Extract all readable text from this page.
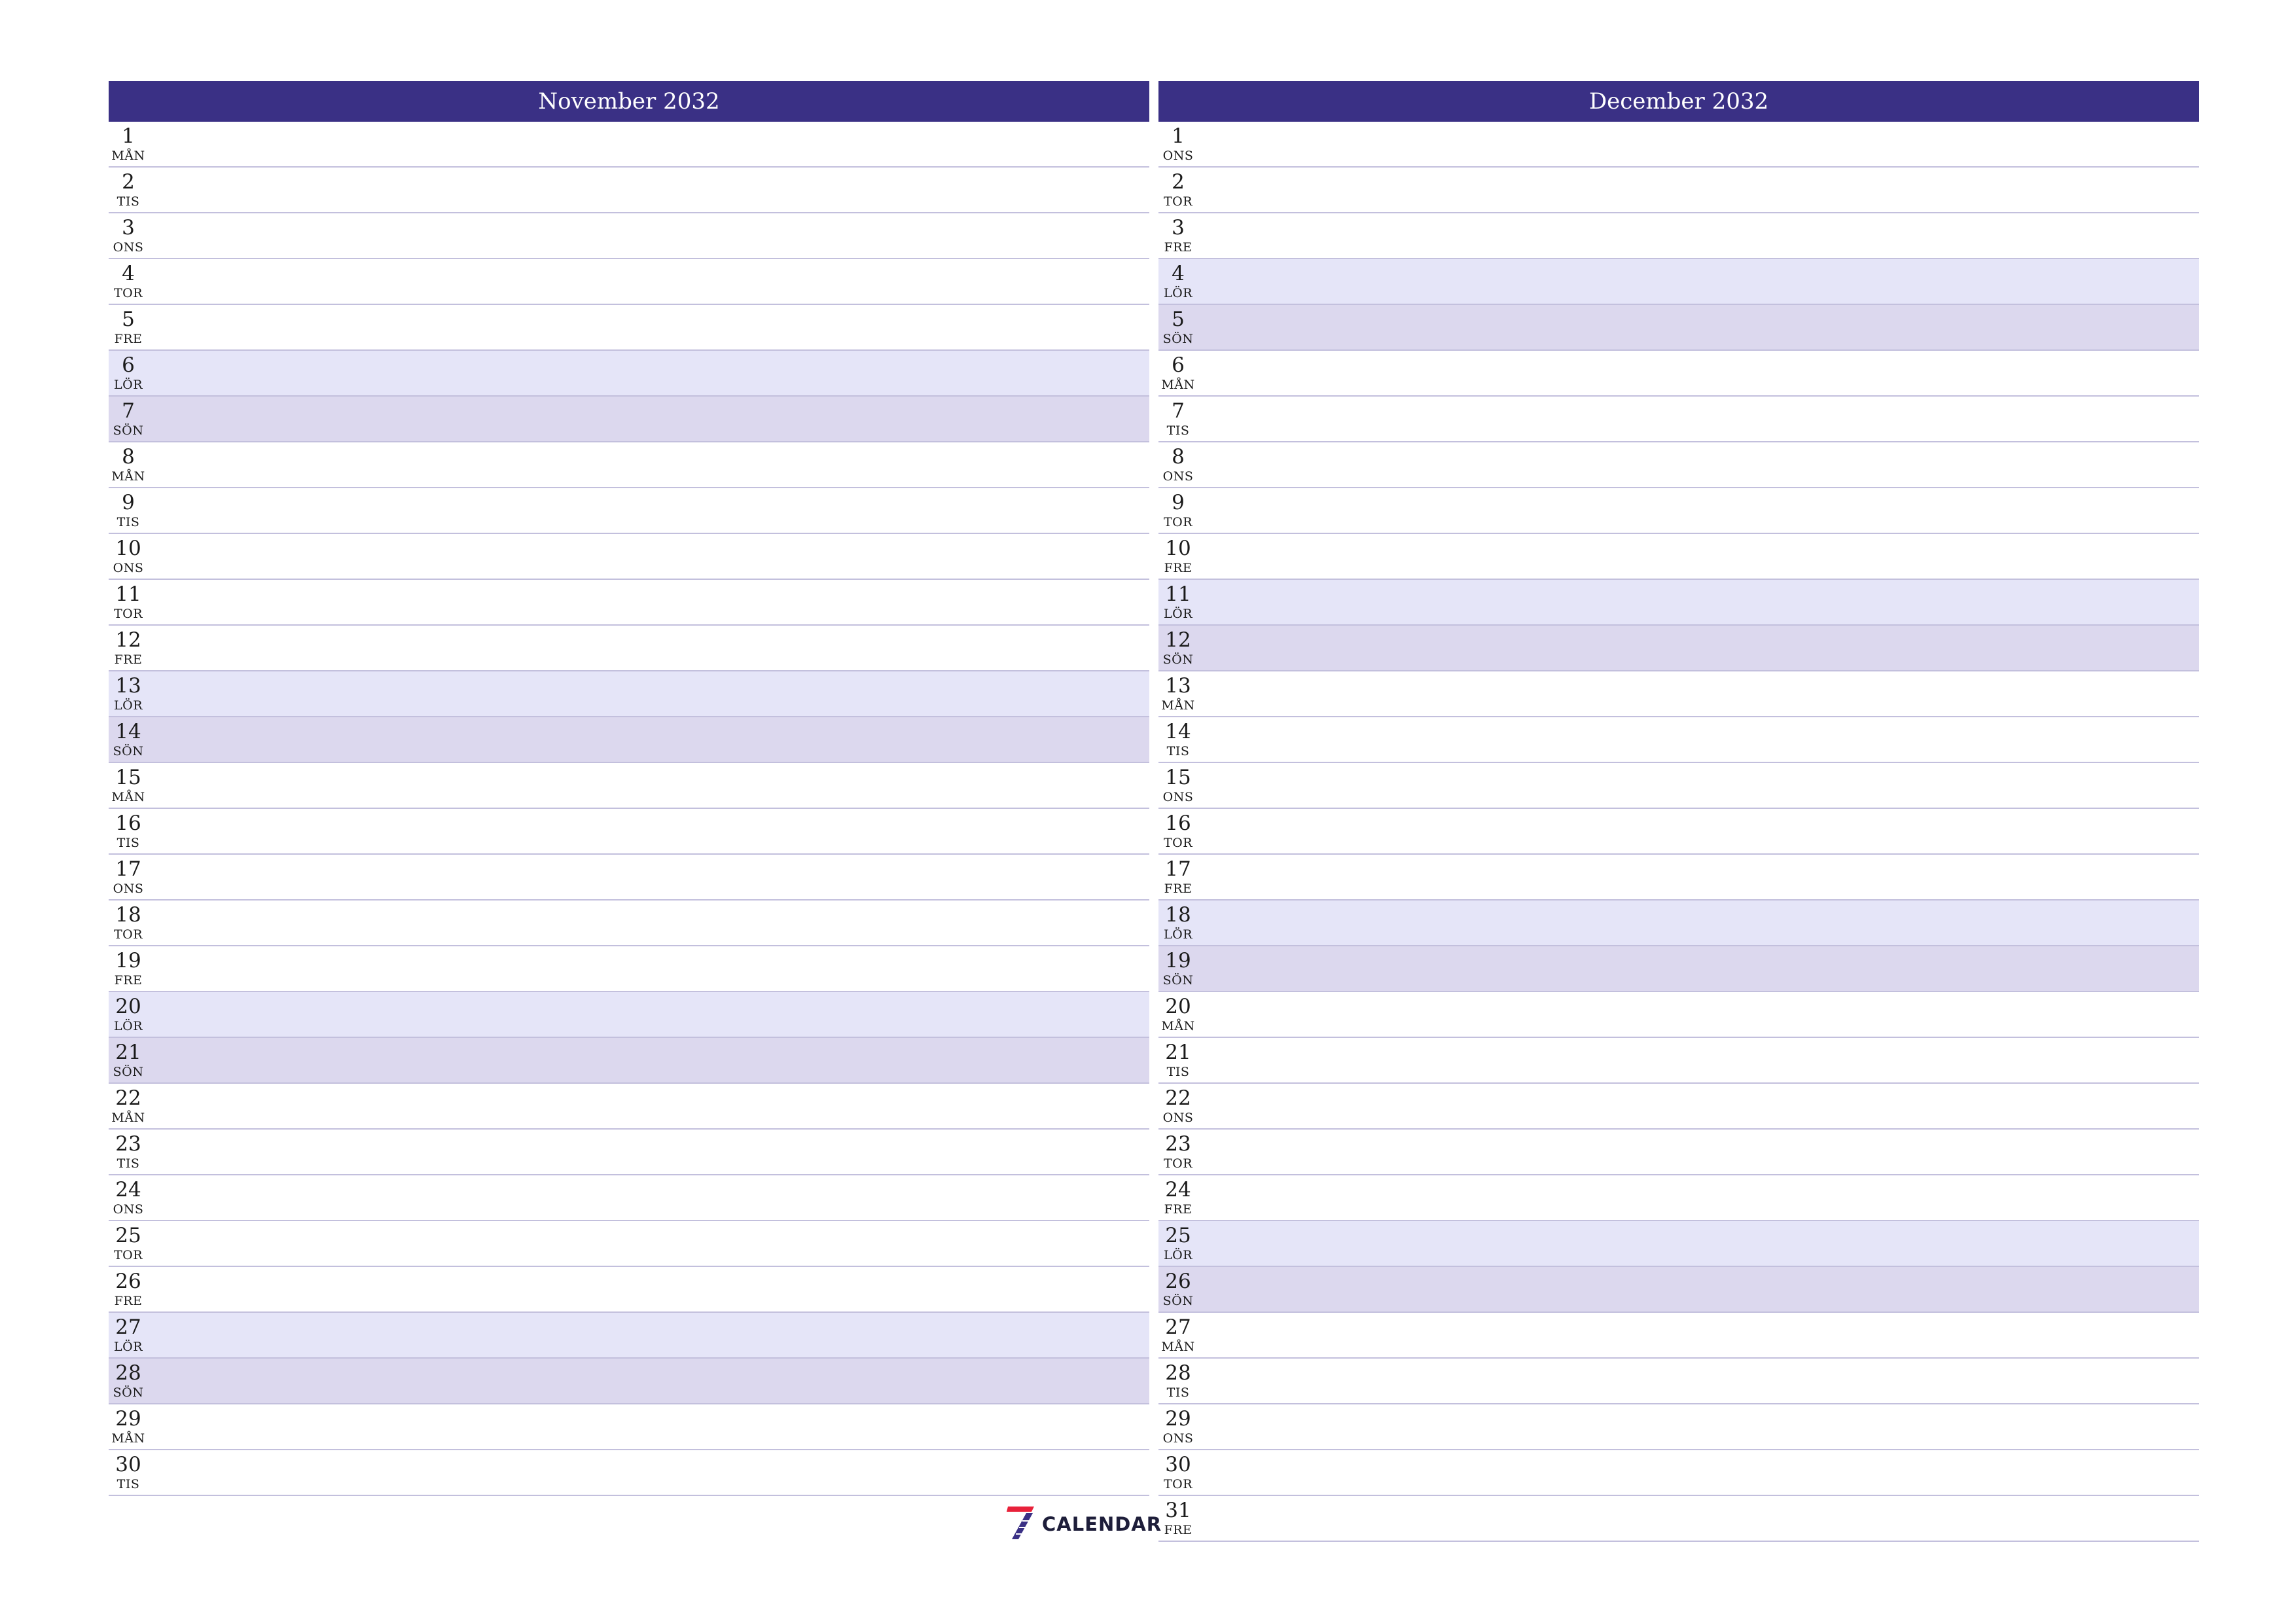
November 2032
1
MÅN
2
TIS
3
ONS
4
TOR
5
FRE
6
LÖR
7
SÖN
8
MÅN
9
TIS
10
ONS
11
TOR
12
FRE
13
LÖR
14
SÖN
15
MÅN
16
TIS
17
ONS
18
TOR
19
FRE
20
LÖR
21
SÖN
22
MÅN
23
TIS
24
ONS
25
TOR
26
FRE
27
LÖR
28
SÖN
29
MÅN
30
TIS
December 2032
1
ONS
2
TOR
3
FRE
4
LÖR
5
SÖN
6
MÅN
7
TIS
8
ONS
9
TOR
10
FRE
11
LÖR
12
SÖN
13
MÅN
14
TIS
15
ONS
16
TOR
17
FRE
18
LÖR
19
SÖN
20
MÅN
21
TIS
22
ONS
23
TOR
24
FRE
25
LÖR
26
SÖN
27
MÅN
28
TIS
29
ONS
30
TOR
31
FRE
CALENDAR
